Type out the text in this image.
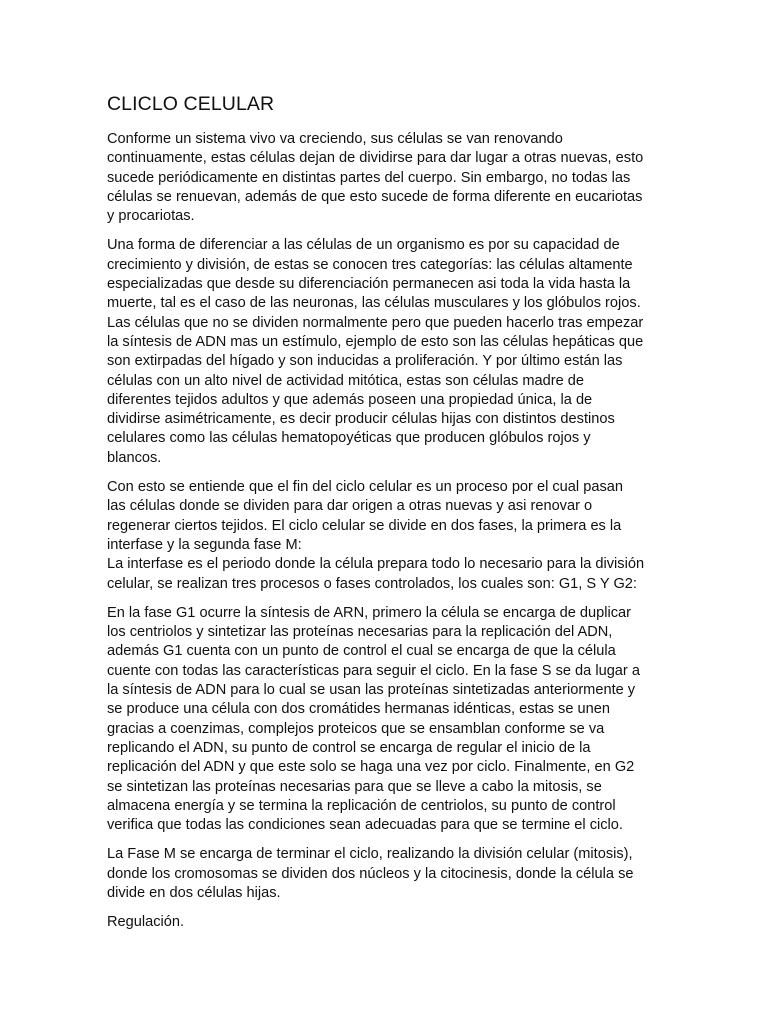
CLICLO CELULAR

Conforme un sistema vivo va creciendo, sus células se van renovando
continuamente, estas células dejan de dividirse para dar lugar a otras nuevas, esto
sucede periódicamente en distintas partes del cuerpo. Sin embargo, no todas las
células se renuevan, además de que esto sucede de forma diferente en eucariotas
y procariotas.

Una forma de diferenciar a las células de un organismo es por su capacidad de
crecimiento y división, de estas se conocen tres categorías: las células altamente
especializadas que desde su diferenciación permanecen asi toda la vida hasta la
muerte, tal es el caso de las neuronas, las células musculares y los glóbulos rojos.
Las células que no se dividen normalmente pero que pueden hacerlo tras empezar
la síntesis de ADN mas un estímulo, ejemplo de esto son las células hepáticas que
son extirpadas del hígado y son inducidas a proliferación. Y por último están las
células con un alto nivel de actividad mitótica, estas son células madre de
diferentes tejidos adultos y que además poseen una propiedad única, la de
dividirse asimétricamente, es decir producir células hijas con distintos destinos
celulares como las células hematopoyéticas que producen glóbulos rojos y
blancos.

Con esto se entiende que el fin del ciclo celular es un proceso por el cual pasan
las células donde se dividen para dar origen a otras nuevas y asi renovar o
regenerar ciertos tejidos. El ciclo celular se divide en dos fases, la primera es la
interfase y la segunda fase M:
La interfase es el periodo donde la célula prepara todo lo necesario para la división
celular, se realizan tres procesos o fases controlados, los cuales son: G1, S Y G2:

En la fase G1 ocurre la síntesis de ARN, primero la célula se encarga de duplicar
los centriolos y sintetizar las proteínas necesarias para la replicación del ADN,
además G1 cuenta con un punto de control el cual se encarga de que la célula
cuente con todas las características para seguir el ciclo. En la fase S se da lugar a
la síntesis de ADN para lo cual se usan las proteínas sintetizadas anteriormente y
se produce una célula con dos cromátides hermanas idénticas, estas se unen
gracias a coenzimas, complejos proteicos que se ensamblan conforme se va
replicando el ADN, su punto de control se encarga de regular el inicio de la
replicación del ADN y que este solo se haga una vez por ciclo. Finalmente, en G2
se sintetizan las proteínas necesarias para que se lleve a cabo la mitosis, se
almacena energía y se termina la replicación de centriolos, su punto de control
verifica que todas las condiciones sean adecuadas para que se termine el ciclo.

La Fase M se encarga de terminar el ciclo, realizando la división celular (mitosis),
donde los cromosomas se dividen dos núcleos y la citocinesis, donde la célula se
divide en dos células hijas.

Regulación.
